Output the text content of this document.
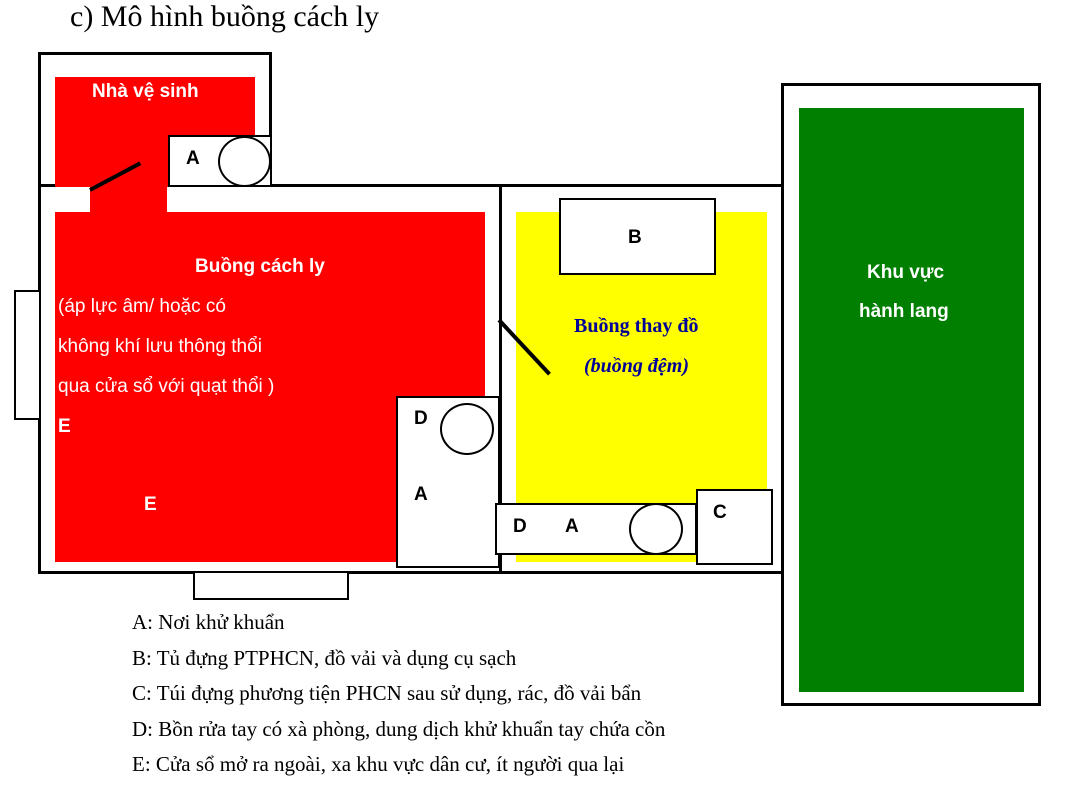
c) Mô hình buồng cách ly
A
D
A
B
D A
C
Nhà vệ sinh
Buồng cách ly
(áp lực âm/ hoặc có
không khí lưu thông thổi
qua cửa sổ với quạt thổi )
E
E
Buồng thay đồ
(buồng đệm)
Khu vực
hành lang
A: Nơi khử khuẩn
B: Tủ đựng PTPHCN, đồ vải và dụng cụ sạch
C: Túi đựng phương tiện PHCN sau sử dụng, rác, đồ vải bẩn
D: Bồn rửa tay có xà phòng, dung dịch khử khuẩn tay chứa cồn
E: Cửa sổ mở ra ngoài, xa khu vực dân cư, ít người qua lại
